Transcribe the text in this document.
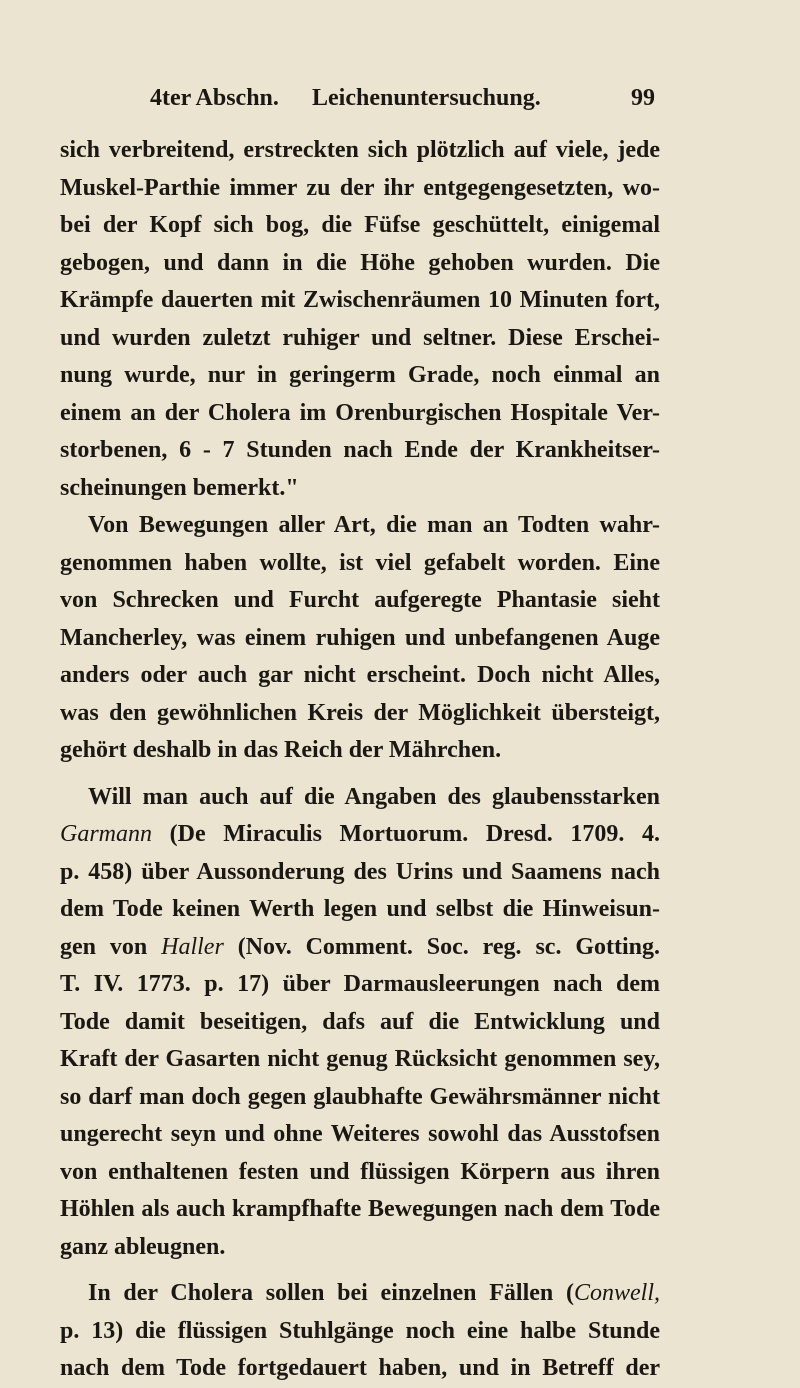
4ter Abschn. Leichenuntersuchung.	99
sich verbreitend, erstreckten sich plötzlich auf viele, jede
Muskel-Parthie immer zu der ihr entgegengesetzten, wo-
bei der Kopf sich bog, die Füfse geschüttelt, einigemal
gebogen, und dann in die Höhe gehoben wurden. Die
Krämpfe dauerten mit Zwischenräumen 10 Minuten fort,
und wurden zuletzt ruhiger und seltner. Diese Erschei-
nung wurde, nur in geringerm Grade, noch einmal an
einem an der Cholera im Orenburgischen Hospitale Ver-
storbenen, 6 - 7 Stunden nach Ende der Krankheitser-
scheinungen bemerkt."
Von Bewegungen aller Art, die man an Todten wahr-
genommen haben wollte, ist viel gefabelt worden. Eine
von Schrecken und Furcht aufgeregte Phantasie sieht
Mancherley, was einem ruhigen und unbefangenen Auge
anders oder auch gar nicht erscheint. Doch nicht Alles,
was den gewöhnlichen Kreis der Möglichkeit übersteigt,
gehört deshalb in das Reich der Mährchen.
Will man auch auf die Angaben des glaubensstarken
Garmann (De Miraculis Mortuorum. Dresd. 1709. 4.
p. 458) über Aussonderung des Urins und Saamens nach
dem Tode keinen Werth legen und selbst die Hinweisun-
gen von Haller (Nov. Comment. Soc. reg. sc. Gotting.
T. IV. 1773. p. 17) über Darmausleerungen nach dem
Tode damit beseitigen, dafs auf die Entwicklung und
Kraft der Gasarten nicht genug Rücksicht genommen sey,
so darf man doch gegen glaubhafte Gewährsmänner nicht
ungerecht seyn und ohne Weiteres sowohl das Ausstofsen
von enthaltenen festen und flüssigen Körpern aus ihren
Höhlen als auch krampfhafte Bewegungen nach dem Tode
ganz ableugnen.
In der Cholera sollen bei einzelnen Fällen (Conwell,
p. 13) die flüssigen Stuhlgänge noch eine halbe Stunde
nach dem Tode fortgedauert haben, und in Betreff der
